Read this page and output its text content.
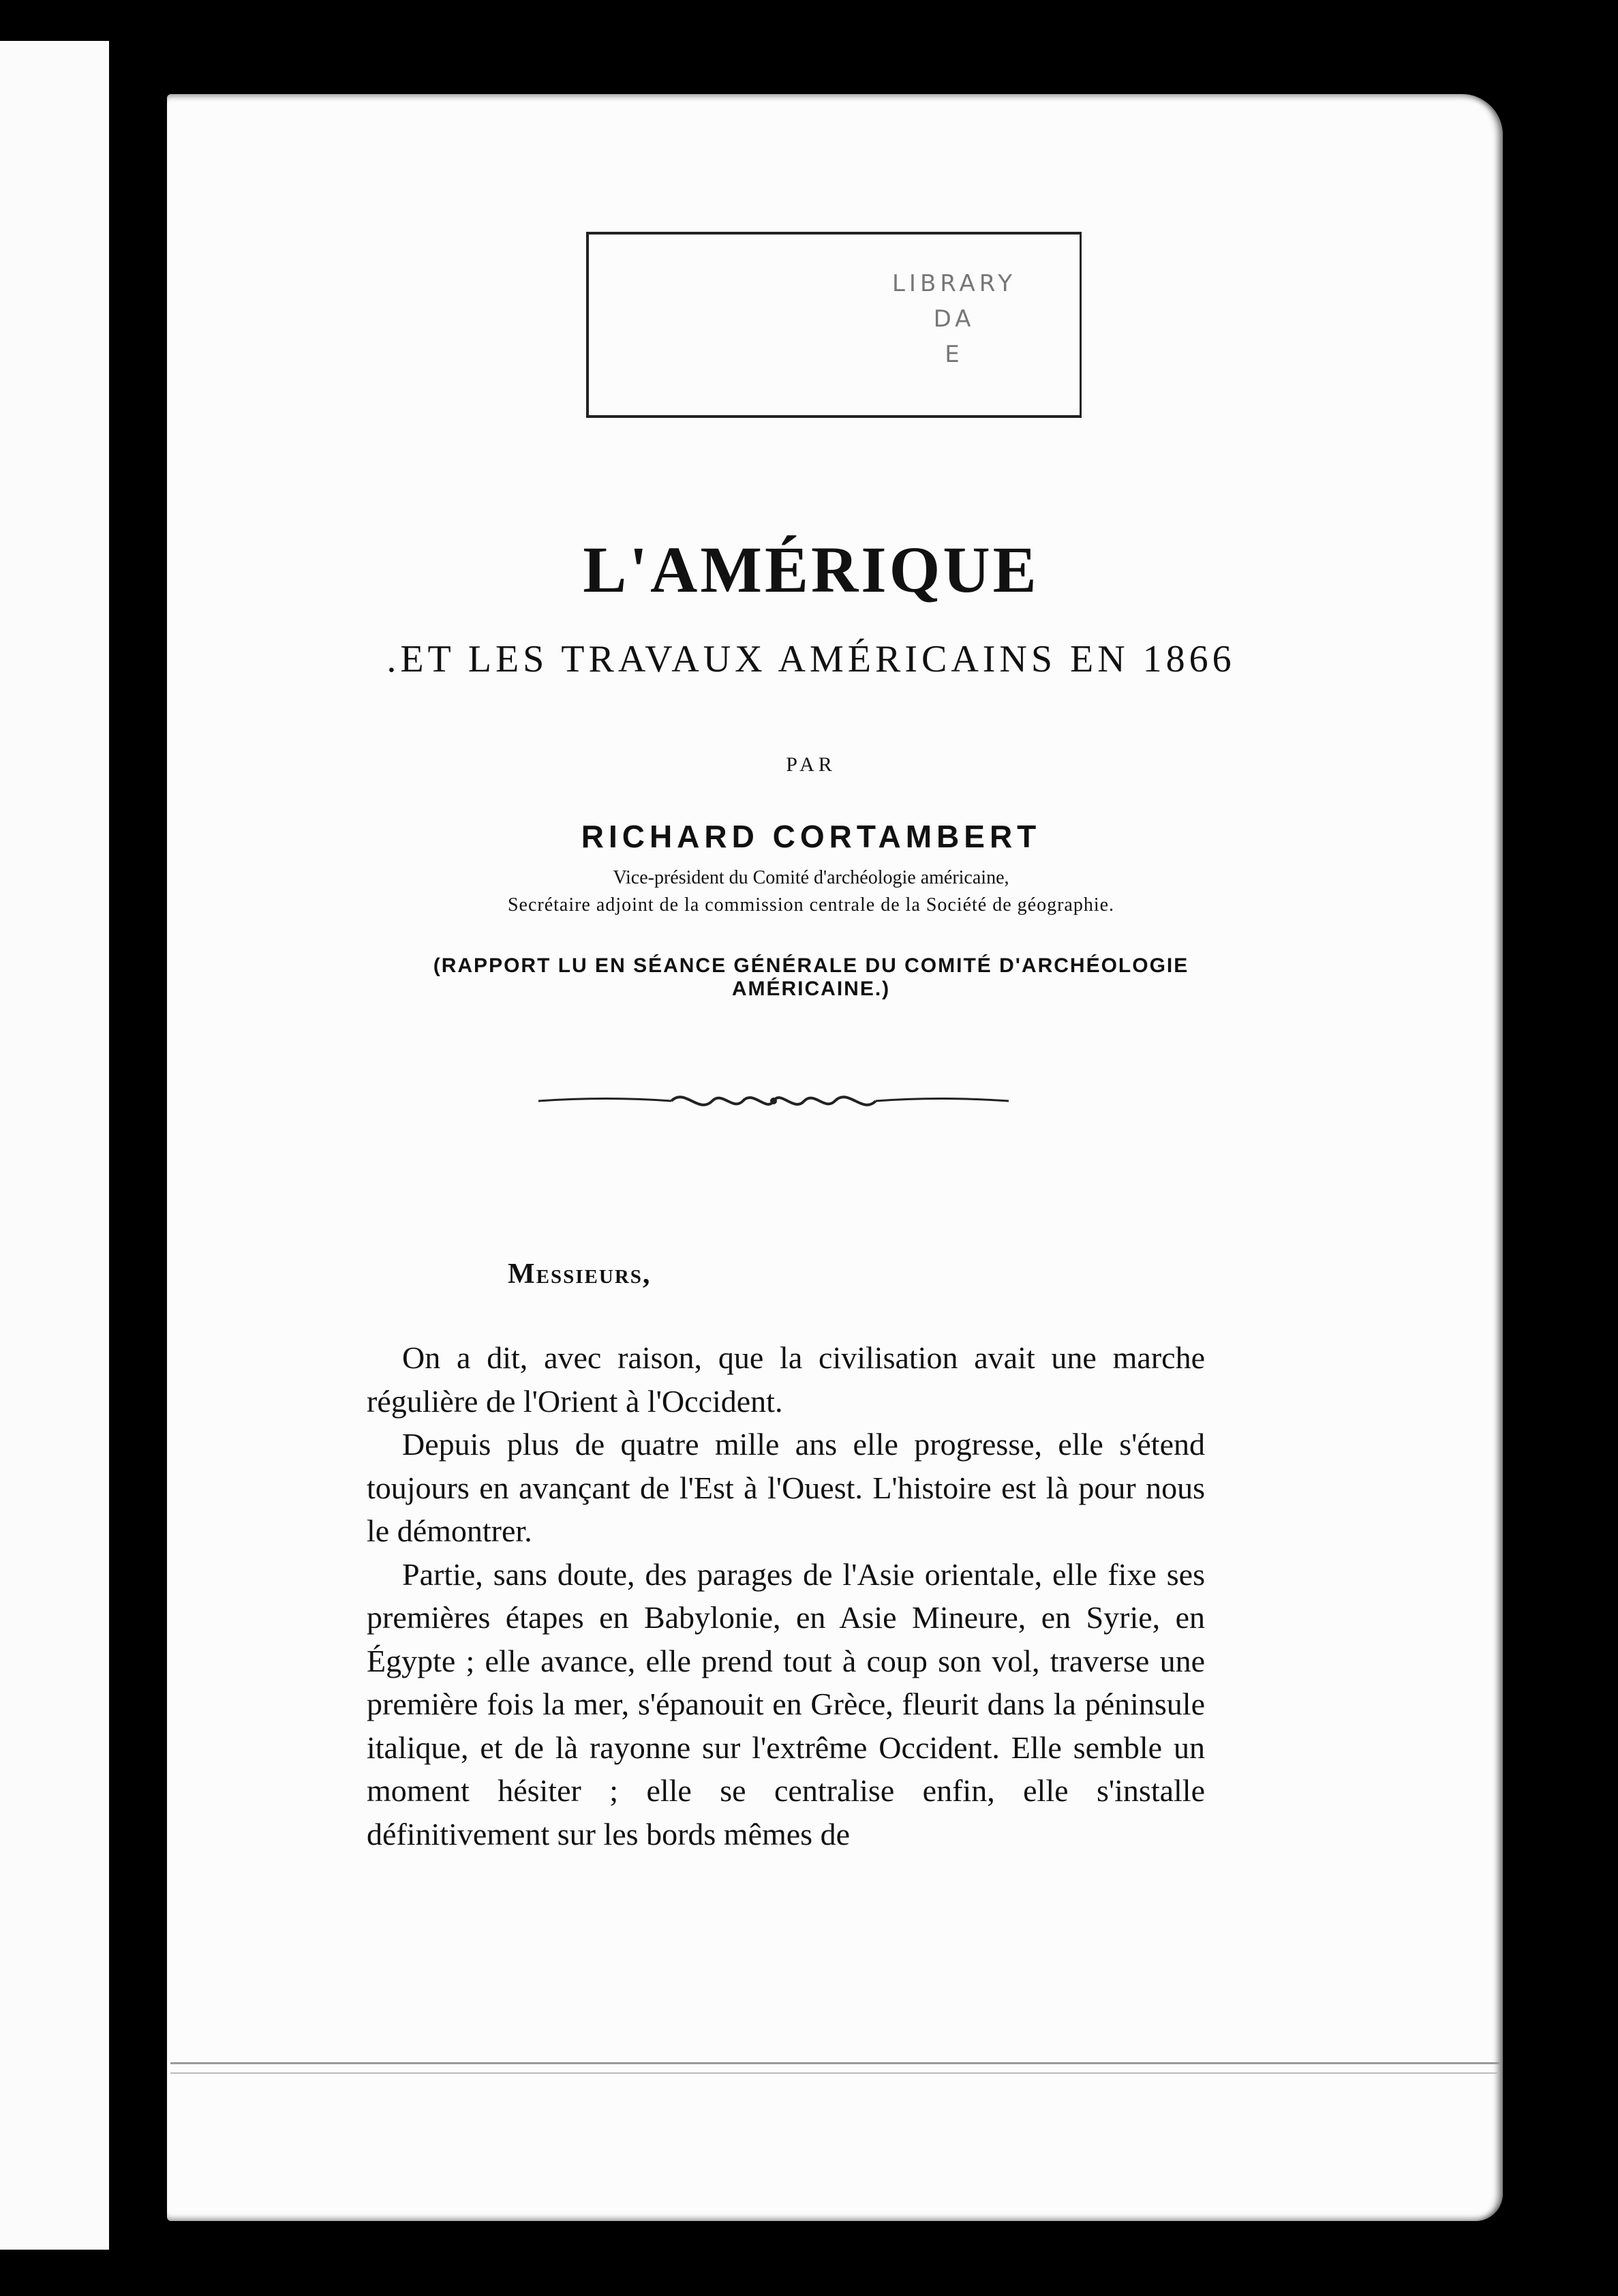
LIBRARY
DA
E
L'AMÉRIQUE
.ET LES TRAVAUX AMÉRICAINS EN 1866
PAR
RICHARD CORTAMBERT
Vice-président du Comité d'archéologie américaine,
Secrétaire adjoint de la commission centrale de la Société de géographie.
(RAPPORT LU EN SÉANCE GÉNÉRALE DU COMITÉ D'ARCHÉOLOGIE AMÉRICAINE.)
Messieurs,

On a dit, avec raison, que la civilisation avait une marche régulière de l'Orient à l'Occident.

Depuis plus de quatre mille ans elle progresse, elle s'étend toujours en avançant de l'Est à l'Ouest. L'histoire est là pour nous le démontrer.

Partie, sans doute, des parages de l'Asie orientale, elle fixe ses premières étapes en Babylonie, en Asie Mineure, en Syrie, en Égypte ; elle avance, elle prend tout à coup son vol, traverse une première fois la mer, s'épanouit en Grèce, fleurit dans la péninsule italique, et de là rayonne sur l'extrême Occident. Elle semble un moment hésiter ; elle se centralise enfin, elle s'installe définitivement sur les bords mêmes de
